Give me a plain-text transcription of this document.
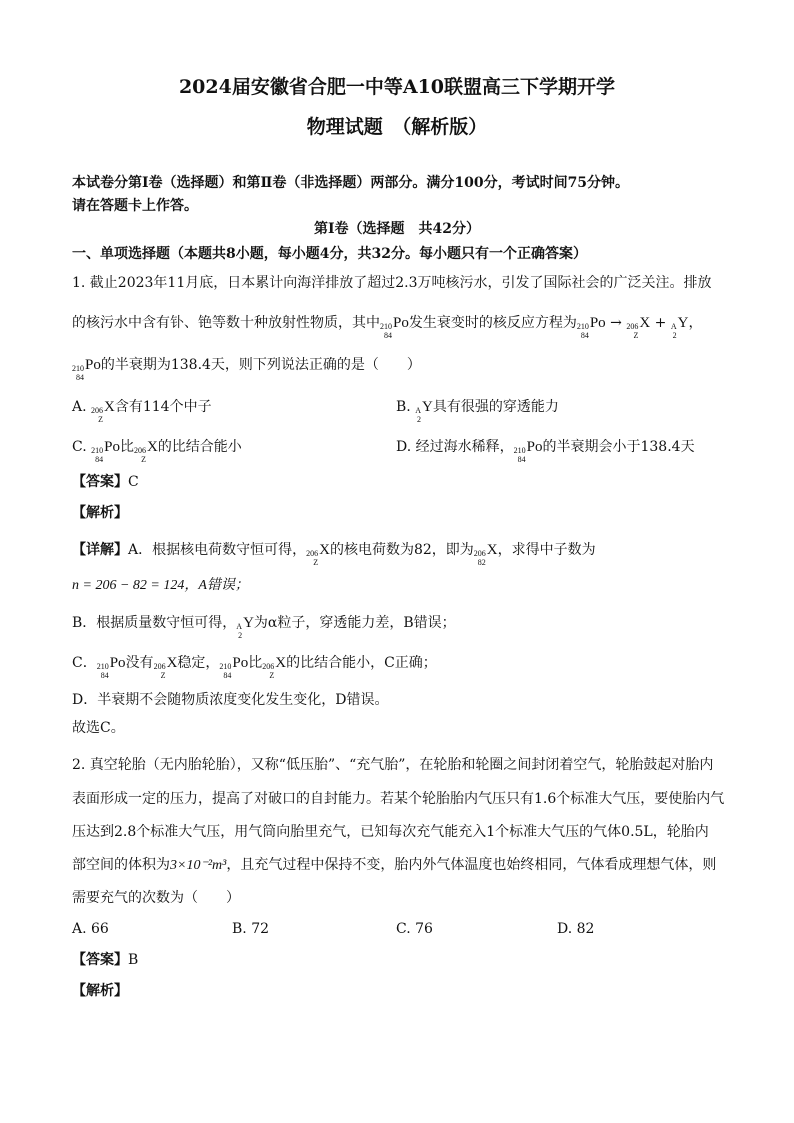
2024届安徽省合肥一中等A10联盟高三下学期开学
物理试题　（解析版）
本试卷分第Ⅰ卷（选择题）和第Ⅱ卷（非选择题）两部分。满分100分，考试时间75分钟。
请在答题卡上作答。
第Ⅰ卷（选择题　共42分）
一、单项选择题（本题共8小题，每小题4分，共32分。每小题只有一个正确答案）
1. 截止2023年11月底，日本累计向海洋排放了超过2.3万吨核污水，引发了国际社会的广泛关注。排放
的核污水中含有钋、铯等数十种放射性物质，其中 210
84
Po发生衰变时的核反应方程为 210
84
Po → 206
Z
X + A
2
Y，
210
84
Po的半衰期为138.4天，则下列说法正确的是（　　）
A. 206
Z
X含有114个中子	B. A
2
Y具有很强的穿透能力
C. 210
84
Po比 206
Z
X的比结合能小	D. 经过海水稀释， 210
84
Po的半衰期会小于138.4天
【答案】C
【解析】
【详解】A．根据核电荷数守恒可得， 206
Z
X的核电荷数为82，即为 206
82
X，求得中子数为
n = 206 − 82 = 124，A错误；
B．根据质量数守恒可得， A
2
Y为α粒子，穿透能力差，B错误；
C． 210
84
Po没有 206
Z
X稳定， 210
84
Po比 206
Z
X的比结合能小，C正确；
D．半衰期不会随物质浓度变化发生变化，D错误。
故选C。
2. 真空轮胎（无内胎轮胎），又称“低压胎”、“充气胎”，在轮胎和轮圈之间封闭着空气，轮胎鼓起对胎内
表面形成一定的压力，提高了对破口的自封能力。若某个轮胎胎内气压只有1.6个标准大气压，要使胎内气
压达到2.8个标准大气压，用气筒向胎里充气，已知每次充气能充入1个标准大气压的气体0.5L，轮胎内
部空间的体积为3×10⁻²m³，且充气过程中保持不变，胎内外气体温度也始终相同，气体看成理想气体，则
需要充气的次数为（　　）
A. 66	B. 72	C. 76	D. 82
【答案】B
【解析】
